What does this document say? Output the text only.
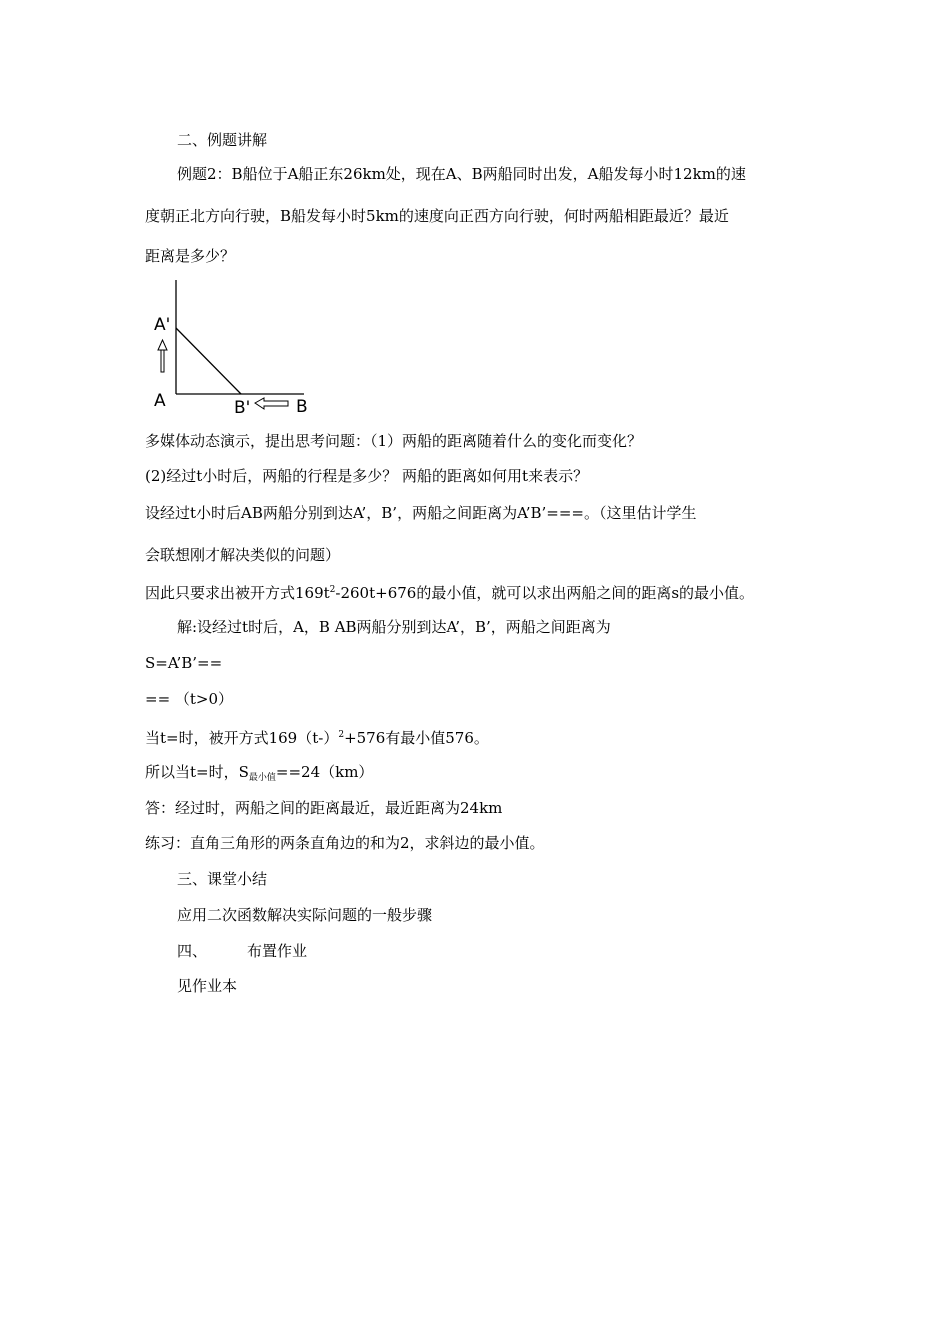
二、例题讲解
例题2：B船位于A船正东26km处，现在A、B两船同时出发，A船发每小时12km的速
度朝正北方向行驶，B船发每小时5km的速度向正西方向行驶，何时两船相距最近？最近
距离是多少？
A'
A	B'	B
多媒体动态演示，提出思考问题：（1）两船的距离随着什么的变化而变化？
(2)经过t小时后，两船的行程是多少？ 两船的距离如何用t来表示？
设经过t小时后AB两船分别到达A’，B’，两船之间距离为A’B’===。（这里估计学生
会联想刚才解决类似的问题）
因此只要求出被开方式$169t^2-260t+676$的最小值，就可以求出两船之间的距离s的最小值。
解:设经过t时后，A，B AB两船分别到达A’，B’，两船之间距离为
S=A’B’==
== （t>0）
当t=时，被开方式$169(t-)^2+576$有最小值576。
所以当t=时，$S_{最小值}==24(km)$
答：经过时，两船之间的距离最近，最近距离为24km
练习：直角三角形的两条直角边的和为2，求斜边的最小值。
三、课堂小结
应用二次函数解决实际问题的一般步骤
四、	布置作业
见作业本
